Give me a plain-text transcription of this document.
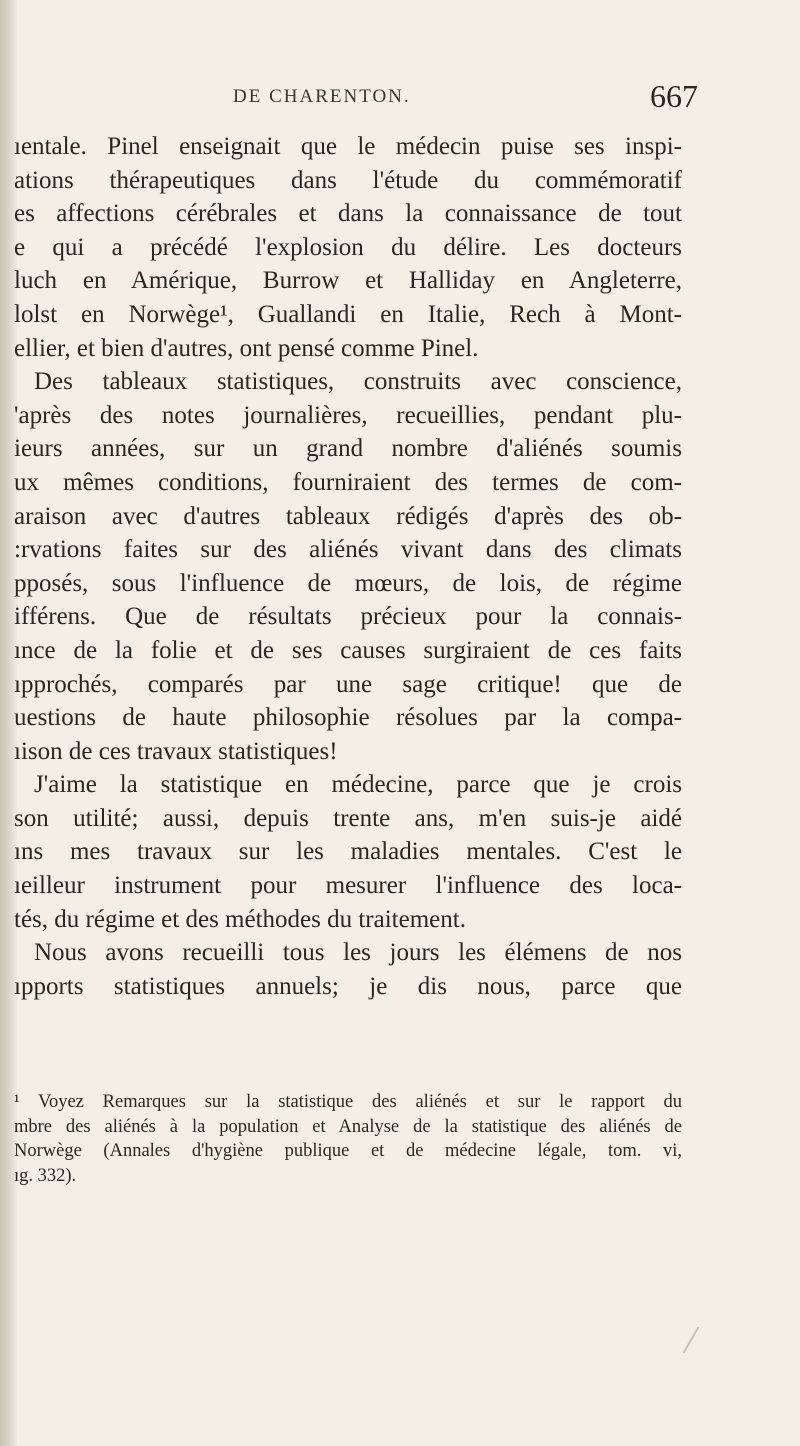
DE CHARENTON.	667
ıentale. Pinel enseignait que le médecin puise ses inspi-
ations thérapeutiques dans l'étude du commémoratif
es affections cérébrales et dans la connaissance de tout
e qui a précédé l'explosion du délire. Les docteurs
luch en Amérique, Burrow et Halliday en Angleterre,
lolst en Norwège¹, Guallandi en Italie, Rech à Mont-
ellier, et bien d'autres, ont pensé comme Pinel.
Des tableaux statistiques, construits avec conscience,
'après des notes journalières, recueillies, pendant plu-
ieurs années, sur un grand nombre d'aliénés soumis
ux mêmes conditions, fourniraient des termes de com-
araison avec d'autres tableaux rédigés d'après des ob-
:rvations faites sur des aliénés vivant dans des climats
pposés, sous l'influence de mœurs, de lois, de régime
ifférens. Que de résultats précieux pour la connais-
ınce de la folie et de ses causes surgiraient de ces faits
ıpprochés, comparés par une sage critique! que de
uestions de haute philosophie résolues par la compa-
ıison de ces travaux statistiques!
J'aime la statistique en médecine, parce que je crois
son utilité; aussi, depuis trente ans, m'en suis-je aidé
ıns mes travaux sur les maladies mentales. C'est le
ıeilleur instrument pour mesurer l'influence des loca-
tés, du régime et des méthodes du traitement.
Nous avons recueilli tous les jours les élémens de nos
ıpports statistiques annuels; je dis nous, parce que
¹ Voyez Remarques sur la statistique des aliénés et sur le rapport du
mbre des aliénés à la population et Analyse de la statistique des aliénés de
Norwège (Annales d'hygiène publique et de médecine légale, tom. vi,
ıg. 332).
